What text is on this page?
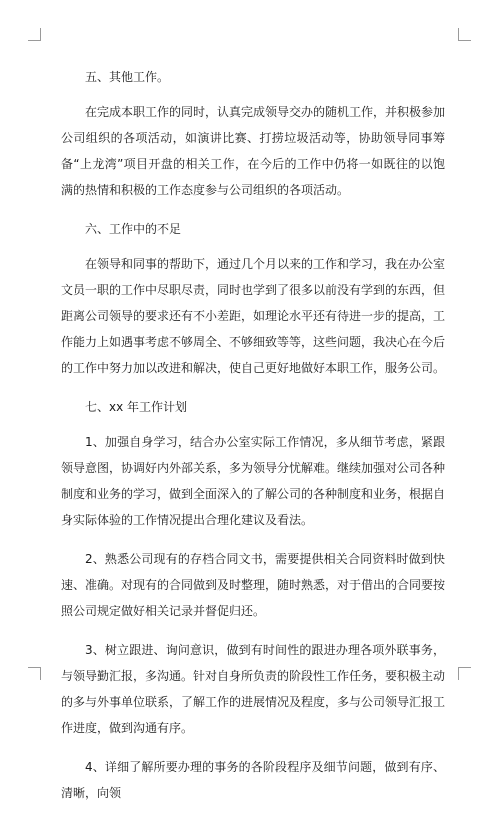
五、其他工作。

在完成本职工作的同时，认真完成领导交办的随机工作，并积极参加公司组织的各项活动，如演讲比赛、打捞垃圾活动等，协助领导同事筹备“上龙湾”项目开盘的相关工作，在今后的工作中仍将一如既往的以饱满的热情和积极的工作态度参与公司组织的各项活动。

六、工作中的不足

在领导和同事的帮助下，通过几个月以来的工作和学习，我在办公室文员一职的工作中尽职尽责，同时也学到了很多以前没有学到的东西，但距离公司领导的要求还有不小差距，如理论水平还有待进一步的提高，工作能力上如遇事考虑不够周全、不够细致等等，这些问题，我决心在今后的工作中努力加以改进和解决，使自己更好地做好本职工作，服务公司。

七、xx 年工作计划

1、加强自身学习，结合办公室实际工作情况，多从细节考虑，紧跟领导意图，协调好内外部关系，多为领导分忧解难。继续加强对公司各种制度和业务的学习，做到全面深入的了解公司的各种制度和业务，根据自身实际体验的工作情况提出合理化建议及看法。

2、熟悉公司现有的存档合同文书，需要提供相关合同资料时做到快速、准确。对现有的合同做到及时整理，随时熟悉，对于借出的合同要按照公司规定做好相关记录并督促归还。

3、树立跟进、询问意识，做到有时间性的跟进办理各项外联事务，与领导勤汇报，多沟通。针对自身所负责的阶段性工作任务，要积极主动的多与外事单位联系，了解工作的进展情况及程度，多与公司领导汇报工作进度，做到沟通有序。

4、详细了解所要办理的事务的各阶段程序及细节问题，做到有序、清晰，向领
